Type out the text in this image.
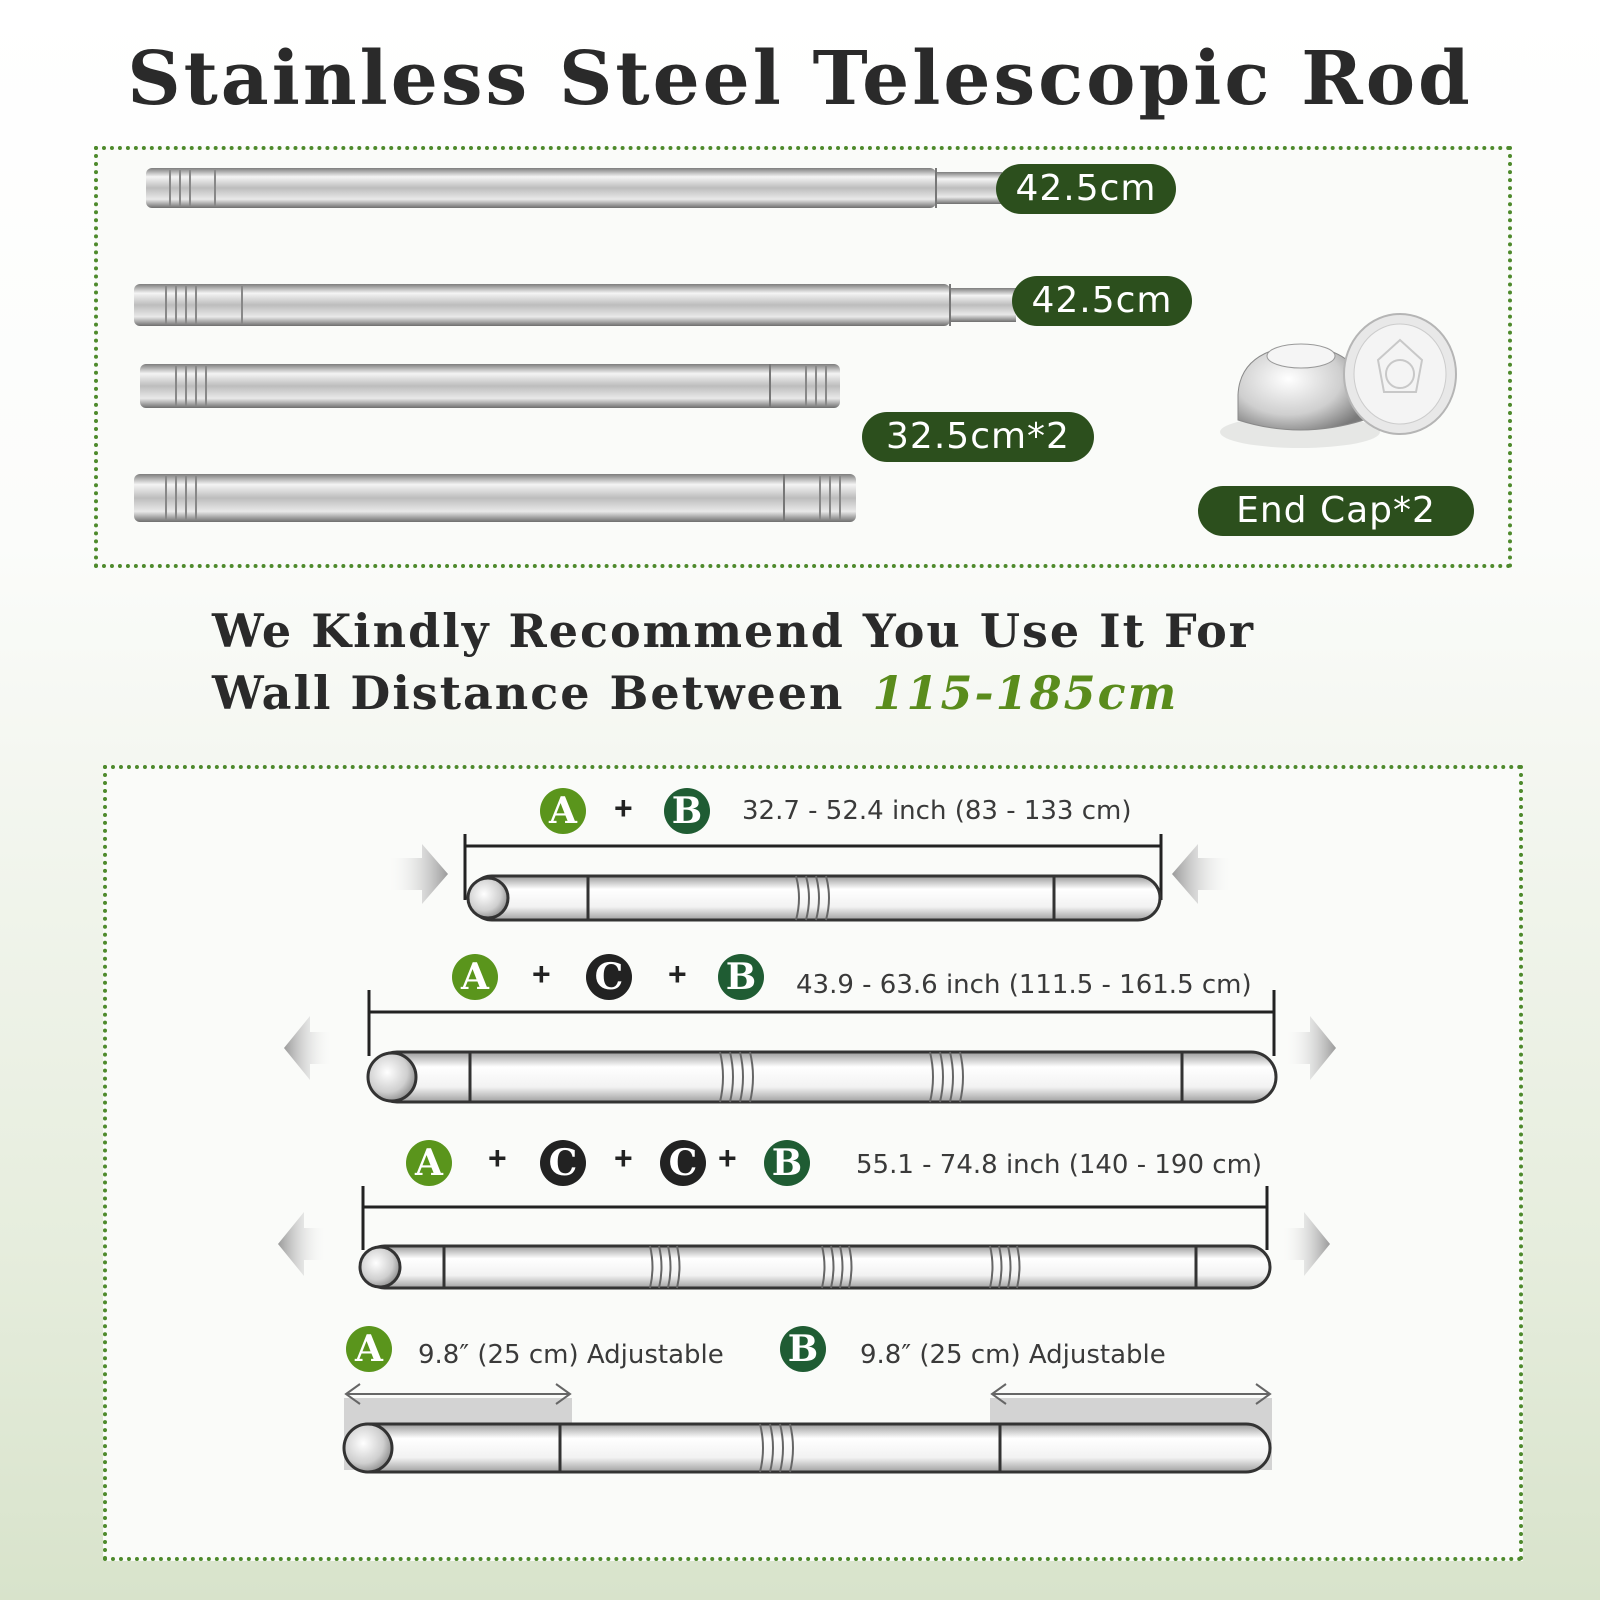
Stainless Steel Telescopic Rod
42.5cm
42.5cm
32.5cm*2
End Cap*2
We Kindly Recommend You Use It For
Wall Distance Between 115-185cm
A + B 32.7 - 52.4 inch (83 - 133 cm)
A + C + B 43.9 - 63.6 inch (111.5 - 161.5 cm)
A + C + C + B 55.1 - 74.8 inch (140 - 190 cm)
A	9.8″ (25 cm) Adjustable B 9.8″ (25 cm) Adjustable
